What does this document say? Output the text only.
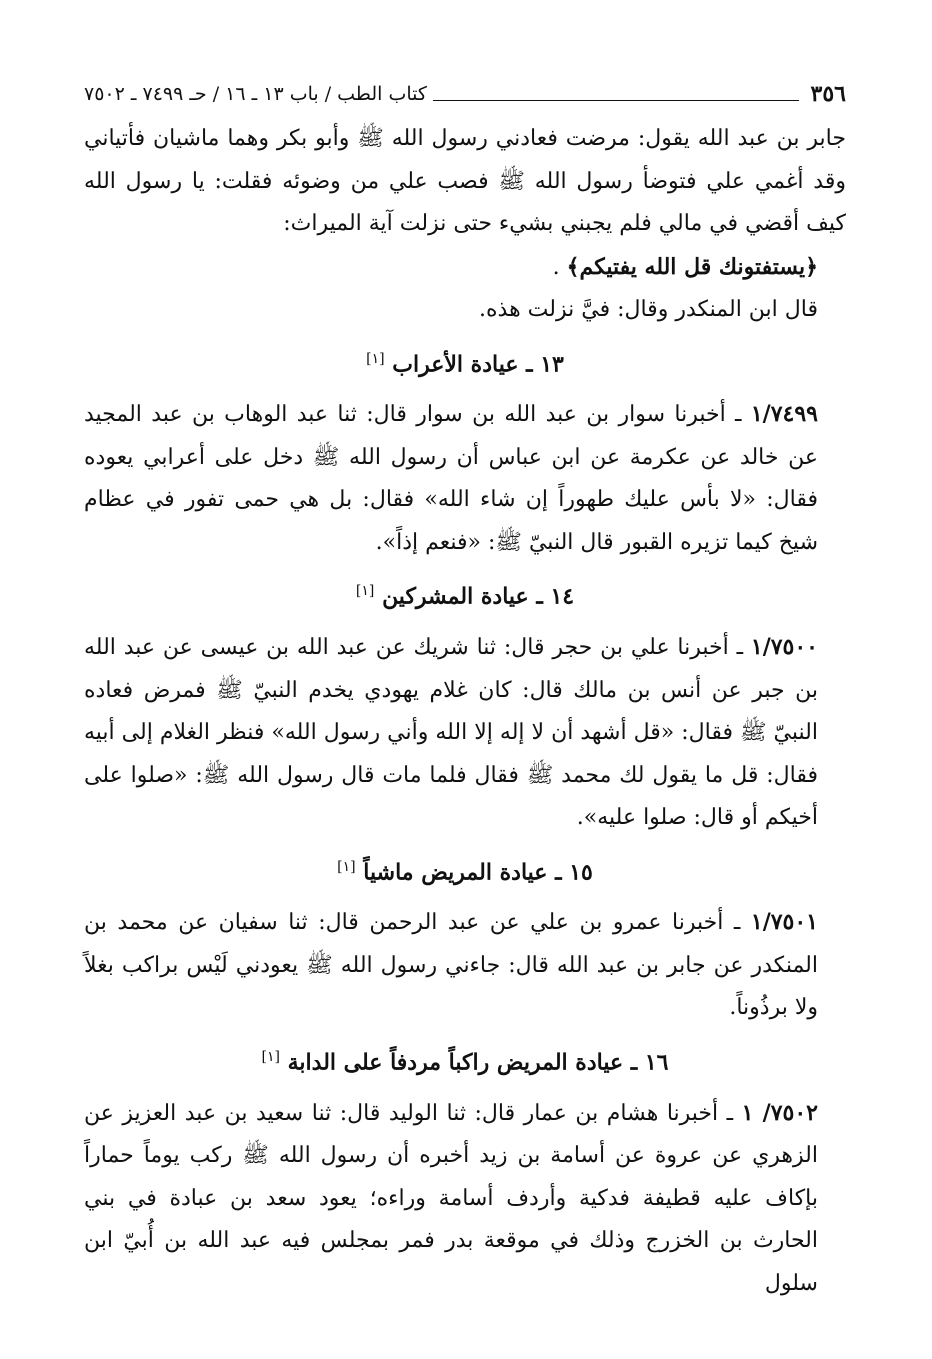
٣٥٦
كتاب الطب / باب ١٣ ـ ١٦ / حـ ٧٤٩٩ ـ ٧٥٠٢

جابر بن عبد الله يقول: مرضت فعادني رسول الله ﷺ وأبو بكر وهما ماشيان فأتياني وقد أغمي علي فتوضأ رسول الله ﷺ فصب علي من وضوئه فقلت: يا رسول الله كيف أقضي في مالي فلم يجبني بشيء حتى نزلت آية الميراث:

﴿يستفتونك قل الله يفتيكم﴾ .

قال ابن المنكدر وقال: فيَّ نزلت هذه.

١٣ ـ عيادة الأعراب [١]

١/٧٤٩٩ ـ أخبرنا سوار بن عبد الله بن سوار قال: ثنا عبد الوهاب بن عبد المجيد عن خالد عن عكرمة عن ابن عباس أن رسول الله ﷺ دخل على أعرابي يعوده فقال: «لا بأس عليك طهوراً إن شاء الله» فقال: بل هي حمى تفور في عظام شيخ كيما تزيره القبور قال النبيّ ﷺ: «فنعم إذاً».

١٤ ـ عيادة المشركين [١]

١/٧٥٠٠ ـ أخبرنا علي بن حجر قال: ثنا شريك عن عبد الله بن عيسى عن عبد الله بن جبر عن أنس بن مالك قال: كان غلام يهودي يخدم النبيّ ﷺ فمرض فعاده النبيّ ﷺ فقال: «قل أشهد أن لا إله إلا الله وأني رسول الله» فنظر الغلام إلى أبيه فقال: قل ما يقول لك محمد ﷺ فقال فلما مات قال رسول الله ﷺ: «صلوا على أخيكم أو قال: صلوا عليه».

١٥ ـ عيادة المريض ماشياً [١]

١/٧٥٠١ ـ أخبرنا عمرو بن علي عن عبد الرحمن قال: ثنا سفيان عن محمد بن المنكدر عن جابر بن عبد الله قال: جاءني رسول الله ﷺ يعودني لَيْس براكب بغلاً ولا برذُوناً.

١٦ ـ عيادة المريض راكباً مردفاً على الدابة [١]

٧٥٠٢/ ١ ـ أخبرنا هشام بن عمار قال: ثنا الوليد قال: ثنا سعيد بن عبد العزيز عن الزهري عن عروة عن أسامة بن زيد أخبره أن رسول الله ﷺ ركب يوماً حماراً بإكاف عليه قطيفة فدكية وأردف أسامة وراءه؛ يعود سعد بن عبادة في بني الحارث بن الخزرج وذلك في موقعة بدر فمر بمجلس فيه عبد الله بن أُبيّ ابن سلول
